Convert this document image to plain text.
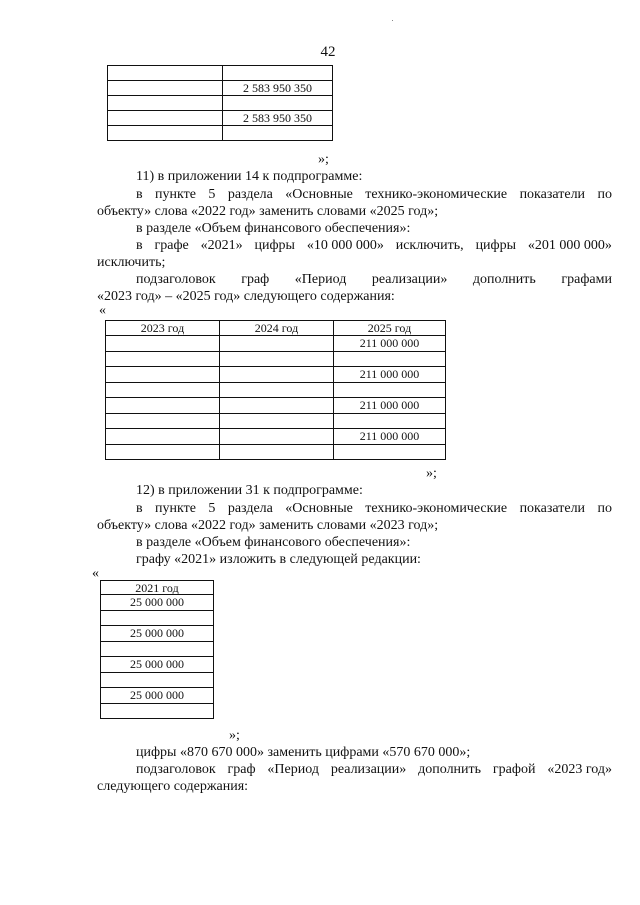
42

	2 583 950 350

	2 583 950 350

»;
11) в приложении 14 к подпрограмме:
в пункте 5 раздела «Основные технико-экономические показатели по
объекту» слова «2022 год» заменить словами «2025 год»;
в разделе «Объем финансового обеспечения»:
в графе «2021» цифры «10 000 000» исключить, цифры «201 000 000»
исключить;
подзаголовок граф «Период реализации» дополнить графами
«2023 год» – «2025 год» следующего содержания:
«
2023 год	2024 год	2025 год
		211 000 000

		211 000 000

		211 000 000

		211 000 000

»;
12) в приложении 31 к подпрограмме:
в пункте 5 раздела «Основные технико-экономические показатели по
объекту» слова «2022 год» заменить словами «2023 год»;
в разделе «Объем финансового обеспечения»:
графу «2021» изложить в следующей редакции:
«
2021 год
25 000 000

25 000 000

25 000 000

25 000 000

»;
цифры «870 670 000» заменить цифрами «570 670 000»;
подзаголовок граф «Период реализации» дополнить графой «2023 год»
следующего содержания:
